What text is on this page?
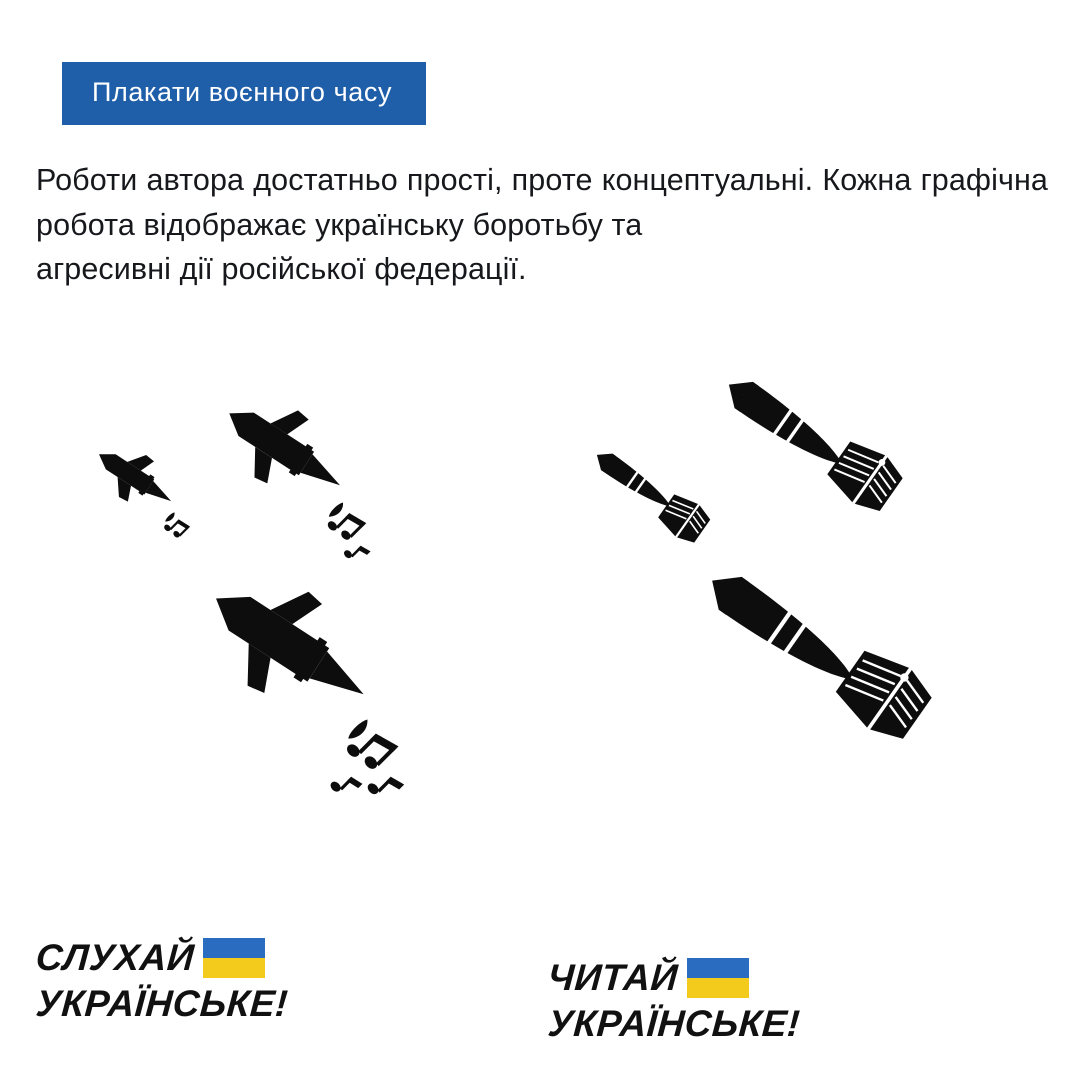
Плакати воєнного часу
Роботи автора достатньо прості, проте концептуальні. Кожна графічна робота відображає українську боротьбу та
агресивні дії російської федерації.
СЛУХАЙ
УКРАЇНСЬКЕ!
ЧИТАЙ
УКРАЇНСЬКЕ!
